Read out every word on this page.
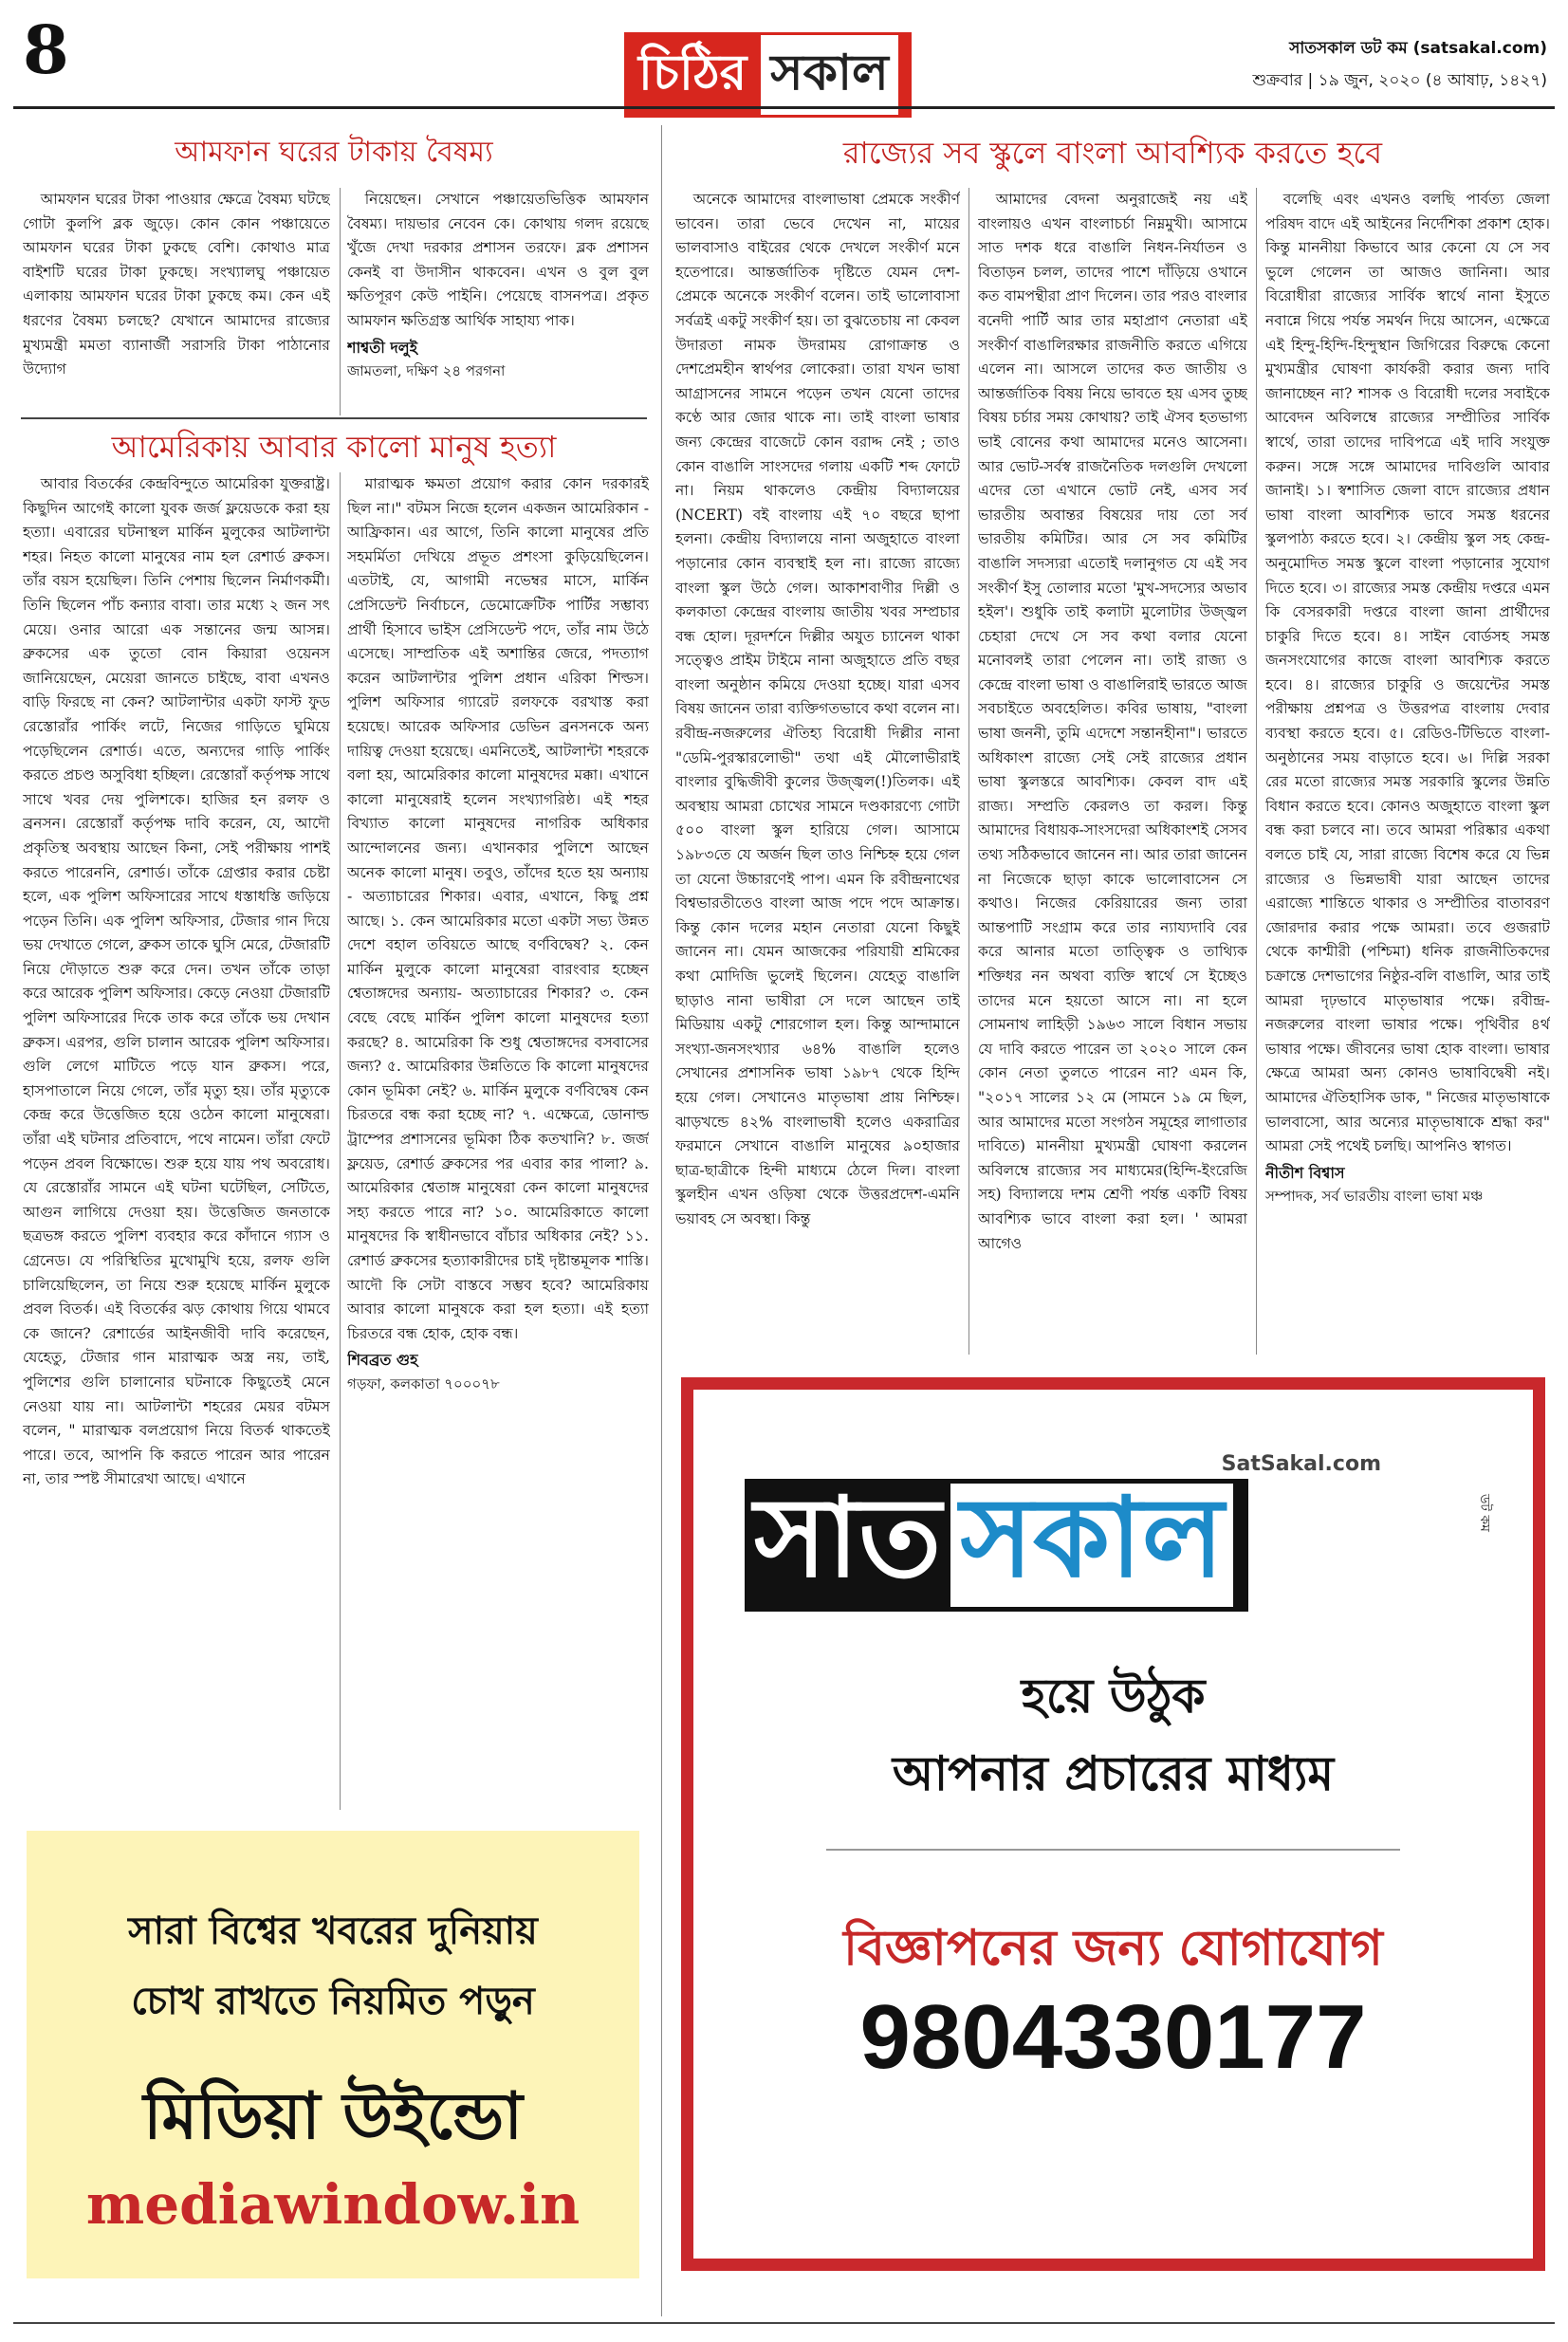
8	চিঠির সকাল	সাতসকাল ডট কম (satsakal.com)
শুক্রবার | ১৯ জুন, ২০২০ (৪ আষাঢ়, ১৪২৭)
আমফান ঘরের টাকায় বৈষম্য

আমফান ঘরের টাকা পাওয়ার ক্ষেত্রে বৈষম্য ঘটছে গোটা কুলপি ব্লক জুড়ে। কোন কোন পঞ্চায়েতে আমফান ঘরের টাকা ঢুকছে বেশি। কোথাও মাত্র বাইশটি ঘরের টাকা ঢুকছে। সংখ্যালঘু পঞ্চায়েত এলাকায় আমফান ঘরের টাকা ঢুকছে কম। কেন এই ধরণের বৈষম্য চলছে? যেখানে আমাদের রাজ্যের মুখ্যমন্ত্রী মমতা ব্যানার্জী সরাসরি টাকা পাঠানোর উদ্যোগ

নিয়েছেন। সেখানে পঞ্চায়েতভিত্তিক আমফান বৈষম্য। দায়ভার নেবেন কে। কোথায় গলদ রয়েছে খুঁজে দেখা দরকার প্রশাসন তরফে। ব্লক প্রশাসন কেনই বা উদাসীন থাকবেন। এখন ও বুল বুল ক্ষতিপূরণ কেউ পাইনি। পেয়েছে বাসনপত্র। প্রকৃত আমফান ক্ষতিগ্রস্ত আর্থিক সাহায্য পাক।

শাশ্বতী দলুই
জামতলা, দক্ষিণ ২৪ পরগনা
আমেরিকায় আবার কালো মানুষ হত্যা

আবার বিতর্কের কেন্দ্রবিন্দুতে আমেরিকা যুক্তরাষ্ট্র। কিছুদিন আগেই কালো যুবক জর্জ ফ্লয়েডকে করা হয় হত্যা। এবারের ঘটনাস্থল মার্কিন মুলুকের আটলান্টা শহর। নিহত কালো মানুষের নাম হল রেশার্ড ব্রুকস। তাঁর বয়স হয়েছিল। তিনি পেশায় ছিলেন নির্মাণকর্মী। তিনি ছিলেন পাঁচ কন্যার বাবা। তার মধ্যে ২ জন সৎ মেয়ে। ওনার আরো এক সন্তানের জন্ম আসন্ন। ব্রুকসের এক তুতো বোন কিয়ারা ওয়েনস জানিয়েছেন, মেয়েরা জানতে চাইছে, বাবা এখনও বাড়ি ফিরছে না কেন? আটলান্টার একটা ফাস্ট ফুড রেস্তোরাঁর পার্কিং লটে, নিজের গাড়িতে ঘুমিয়ে পড়েছিলেন রেশার্ড। এতে, অন্যদের গাড়ি পার্কিং করতে প্রচণ্ড অসুবিধা হচ্ছিল। রেস্তোরাঁ কর্তৃপক্ষ সাথে সাথে খবর দেয় পুলিশকে। হাজির হন রলফ ও ব্রনসন। রেস্তোরাঁ কর্তৃপক্ষ দাবি করেন, যে, আদৌ প্রকৃতিস্থ অবস্থায় আছেন কিনা, সেই পরীক্ষায় পাশই করতে পারেননি, রেশার্ড। তাঁকে গ্রেপ্তার করার চেষ্টা হলে, এক পুলিশ অফিসারের সাথে ধস্তাধস্তি জড়িয়ে পড়েন তিনি। এক পুলিশ অফিসার, টেজার গান দিয়ে ভয় দেখাতে গেলে, ব্রুকস তাকে ঘুসি মেরে, টেজারটি নিয়ে দৌড়াতে শুরু করে দেন। তখন তাঁকে তাড়া করে আরেক পুলিশ অফিসার। কেড়ে নেওয়া টেজারটি পুলিশ অফিসারের দিকে তাক করে তাঁকে ভয় দেখান ব্রুকস। এরপর, গুলি চালান আরেক পুলিশ অফিসার। গুলি লেগে মাটিতে পড়ে যান ব্রুকস। পরে, হাসপাতালে নিয়ে গেলে, তাঁর মৃত্যু হয়। তাঁর মৃত্যুকে কেন্দ্র করে উত্তেজিত হয়ে ওঠেন কালো মানুষেরা। তাঁরা এই ঘটনার প্রতিবাদে, পথে নামেন। তাঁরা ফেটে পড়েন প্রবল বিক্ষোভে। শুরু হয়ে যায় পথ অবরোধ। যে রেস্তোরাঁর সামনে এই ঘটনা ঘটেছিল, সেটিতে, আগুন লাগিয়ে দেওয়া হয়। উত্তেজিত জনতাকে ছত্রভঙ্গ করতে পুলিশ ব্যবহার করে কাঁদানে গ্যাস ও গ্রেনেড। যে পরিস্থিতির মুখোমুখি হয়ে, রলফ গুলি চালিয়েছিলেন, তা নিয়ে শুরু হয়েছে মার্কিন মুলুকে প্রবল বিতর্ক। এই বিতর্কের ঝড় কোথায় গিয়ে থামবে কে জানে? রেশার্ডের আইনজীবী দাবি করেছেন, যেহেতু, টেজার গান মারাত্মক অস্ত্র নয়, তাই, পুলিশের গুলি চালানোর ঘটনাকে কিছুতেই মেনে নেওয়া যায় না। আটলান্টা শহরের মেয়র বটমস বলেন, " মারাত্মক বলপ্রয়োগ নিয়ে বিতর্ক থাকতেই পারে। তবে, আপনি কি করতে পারেন আর পারেন না, তার স্পষ্ট সীমারেখা আছে। এখানে

মারাত্মক ক্ষমতা প্রয়োগ করার কোন দরকারই ছিল না।" বটমস নিজে হলেন একজন আমেরিকান - আফ্রিকান। এর আগে, তিনি কালো মানুষের প্রতি সহমর্মিতা দেখিয়ে প্রভূত প্রশংসা কুড়িয়েছিলেন। এতটাই, যে, আগামী নভেম্বর মাসে, মার্কিন প্রেসিডেন্ট নির্বাচনে, ডেমোক্রেটিক পার্টির সম্ভাব্য প্রার্থী হিসাবে ভাইস প্রেসিডেন্ট পদে, তাঁর নাম উঠে এসেছে। সাম্প্রতিক এই অশান্তির জেরে, পদত্যাগ করেন আটলান্টার পুলিশ প্রধান এরিকা শিল্ডস। পুলিশ অফিসার গ্যারেট রলফকে বরখাস্ত করা হয়েছে। আরেক অফিসার ডেভিন ব্রনসনকে অন্য দায়িত্ব দেওয়া হয়েছে। এমনিতেই, আটলান্টা শহরকে বলা হয়, আমেরিকার কালো মানুষদের মক্কা। এখানে কালো মানুষেরাই হলেন সংখ্যাগরিষ্ঠ। এই শহর বিখ্যাত কালো মানুষদের নাগরিক অধিকার আন্দোলনের জন্য। এখানকার পুলিশে আছেন অনেক কালো মানুষ। তবুও, তাঁদের হতে হয় অন্যায় - অত্যাচারের শিকার। এবার, এখানে, কিছু প্রশ্ন আছে। ১. কেন আমেরিকার মতো একটা সভ্য উন্নত দেশে বহাল তবিয়তে আছে বর্ণবিদ্বেষ? ২. কেন মার্কিন মুলুকে কালো মানুষেরা বারংবার হচ্ছেন শ্বেতাঙ্গদের অন্যায়- অত্যাচারের শিকার? ৩. কেন বেছে বেছে মার্কিন পুলিশ কালো মানুষদের হত্যা করছে? ৪. আমেরিকা কি শুধু শ্বেতাঙ্গদের বসবাসের জন্য? ৫. আমেরিকার উন্নতিতে কি কালো মানুষদের কোন ভূমিকা নেই? ৬. মার্কিন মুলুকে বর্ণবিদ্বেষ কেন চিরতরে বন্ধ করা হচ্ছে না? ৭. এক্ষেত্রে, ডোনাল্ড ট্রাম্পের প্রশাসনের ভূমিকা ঠিক কতখানি? ৮. জর্জ ফ্লয়েড, রেশার্ড ব্রুকসের পর এবার কার পালা? ৯. আমেরিকার শ্বেতাঙ্গ মানুষেরা কেন কালো মানুষদের সহ্য করতে পারে না? ১০. আমেরিকাতে কালো মানুষদের কি স্বাধীনভাবে বাঁচার অধিকার নেই? ১১. রেশার্ড ব্রুকসের হত্যাকারীদের চাই দৃষ্টান্তমূলক শাস্তি। আদৌ কি সেটা বাস্তবে সম্ভব হবে? আমেরিকায় আবার কালো মানুষকে করা হল হত্যা। এই হত্যা চিরতরে বন্ধ হোক, হোক বন্ধ।

শিবব্রত গুহ
গড়ফা, কলকাতা ৭০০০৭৮
রাজ্যের সব স্কুলে বাংলা আবশ্যিক করতে হবে

অনেকে আমাদের বাংলাভাষা প্রেমকে সংকীর্ণ ভাবেন। তারা ভেবে দেখেন না, মায়ের ভালবাসাও বাইরের থেকে দেখলে সংকীর্ণ মনে হতেপারে। আন্তর্জাতিক দৃষ্টিতে যেমন দেশ-প্রেমকে অনেকে সংকীর্ণ বলেন। তাই ভালোবাসা সর্বত্রই একটু সংকীর্ণ হয়। তা বুঝতেচায় না কেবল উদারতা নামক উদরাময় রোগাক্রান্ত ও দেশপ্রেমহীন স্বার্থপর লোকেরা। তারা যখন ভাষা আগ্রাসনের সামনে পড়েন তখন যেনো তাদের কণ্ঠে আর জোর থাকে না। তাই বাংলা ভাষার জন্য কেন্দ্রের বাজেটে কোন বরাদ্দ নেই ; তাও কোন বাঙালি সাংসদের গলায় একটি শব্দ ফোটে না। নিয়ম থাকলেও কেন্দ্রীয় বিদ্যালয়ের (NCERT) বই বাংলায় এই ৭০ বছরে ছাপা হলনা। কেন্দ্রীয় বিদ্যালয়ে নানা অজুহাতে বাংলা পড়ানোর কোন ব্যবস্থাই হল না। রাজ্যে রাজ্যে বাংলা স্কুল উঠে গেল। আকাশবাণীর দিল্লী ও কলকাতা কেন্দ্রের বাংলায় জাতীয় খবর সম্প্রচার বন্ধ হোল। দূরদর্শনে দিল্লীর অযুত চ্যানেল থাকা সত্ত্বেও প্রাইম টাইমে নানা অজুহাতে প্রতি বছর বাংলা অনুষ্ঠান কমিয়ে দেওয়া হচ্ছে। যারা এসব বিষয় জানেন তারা ব্যক্তিগতভাবে কথা বলেন না। রবীন্দ্র-নজরুলের ঐতিহ্য বিরোধী দিল্লীর নানা "ডেমি-পুরস্কারলোভী" তথা এই মৌলোভীরাই বাংলার বুদ্ধিজীবী কুলের উজ্জ্বল(!)তিলক। এই অবস্থায় আমরা চোখের সামনে দণ্ডকারণ্যে গোটা ৫০০ বাংলা স্কুল হারিয়ে গেল। আসামে ১৯৮৩তে যে অর্জন ছিল তাও নিশ্চিহ্ন হয়ে গেল তা যেনো উচ্চারণেই পাপ। এমন কি রবীন্দ্রনাথের বিশ্বভারতীতেও বাংলা আজ পদে পদে আক্রান্ত। কিন্তু কোন দলের মহান নেতারা যেনো কিছুই জানেন না। যেমন আজকের পরিযায়ী শ্রমিকের কথা মোদিজি ভুলেই ছিলেন। যেহেতু বাঙালি ছাড়াও নানা ভাষীরা সে দলে আছেন তাই মিডিয়ায় একটু শোরগোল হল। কিন্তু আন্দামানে সংখ্যা-জনসংখ্যার ৬৪% বাঙালি হলেও সেখানের প্রশাসনিক ভাষা ১৯৮৭ থেকে হিন্দি হয়ে গেল। সেখানেও মাতৃভাষা প্রায় নিশ্চিহ্ন। ঝাড়খন্ডে ৪২% বাংলাভাষী হলেও একরাত্রির ফরমানে সেখানে বাঙালি মানুষের ৯০হাজার ছাত্র-ছাত্রীকে হিন্দী মাধ্যমে ঠেলে দিল। বাংলা স্কুলহীন এখন ওড়িষা থেকে উত্তরপ্রদেশ-এমনি ভয়াবহ সে অবস্থা। কিন্তু

আমাদের বেদনা অনুরাজেই নয় এই বাংলায়ও এখন বাংলাচর্চা নিম্নমুখী। আসামে সাত দশক ধরে বাঙালি নিধন-নির্যাতন ও বিতাড়ন চলল, তাদের পাশে দাঁড়িয়ে ওখানে কত বামপন্থীরা প্রাণ দিলেন। তার পরও বাংলার বনেদী পার্টি আর তার মহাপ্রাণ নেতারা এই সংকীর্ণ বাঙালিরক্ষার রাজনীতি করতে এগিয়ে এলেন না। আসলে তাদের কত জাতীয় ও আন্তর্জাতিক বিষয় নিয়ে ভাবতে হয় এসব তুচ্ছ বিষয় চর্চার সময় কোথায়? তাই ঐসব হতভাগ্য ভাই বোনের কথা আমাদের মনেও আসেনা। আর ভোট-সর্বস্ব রাজনৈতিক দলগুলি দেখলো এদের তো এখানে ভোট নেই, এসব সর্ব ভারতীয় অবান্তর বিষয়ের দায় তো সর্ব ভারতীয় কমিটির। আর সে সব কমিটির বাঙালি সদস্যরা এতোই দলানুগত যে এই সব সংকীর্ণ ইসু তোলার মতো 'মুখ-সদস্যের অভাব হইল'। শুধুকি তাই কলাটা মুলোটার উজ্জ্বল চেহারা দেখে সে সব কথা বলার যেনো মনোবলই তারা পেলেন না। তাই রাজ্য ও কেন্দ্রে বাংলা ভাষা ও বাঙালিরাই ভারতে আজ সবচাইতে অবহেলিত। কবির ভাষায়, "বাংলা ভাষা জননী, তুমি এদেশে সন্তানহীনা"। ভারতে অধিকাংশ রাজ্যে সেই সেই রাজ্যের প্রধান ভাষা স্কুলস্তরে আবশ্যিক। কেবল বাদ এই রাজ্য। সম্প্রতি কেরলও তা করল। কিন্তু আমাদের বিধায়ক-সাংসদেরা অধিকাংশই সেসব তথ্য সঠিকভাবে জানেন না। আর তারা জানেন না নিজেকে ছাড়া কাকে ভালোবাসেন সে কথাও। নিজের কেরিয়ারের জন্য তারা আন্তপাটি সংগ্রাম করে তার ন্যায্যদাবি বের করে আনার মতো তাত্ত্বিক ও তাথ্যিক শক্তিধর নন অথবা ব্যক্তি স্বার্থে সে ইচ্ছেও তাদের মনে হয়তো আসে না। না হলে সোমনাথ লাহিড়ী ১৯৬৩ সালে বিধান সভায় যে দাবি করতে পারেন তা ২০২০ সালে কেন কোন নেতা তুলতে পারেন না? এমন কি, "২০১৭ সালের ১২ মে (সামনে ১৯ মে ছিল, আর আমাদের মতো সংগঠন সমূহের লাগাতার দাবিতে) মাননীয়া মুখ্যমন্ত্রী ঘোষণা করলেন অবিলম্বে রাজ্যের সব মাধ্যমের(হিন্দি-ইংরেজি সহ) বিদ্যালয়ে দশম শ্রেণী পর্যন্ত একটি বিষয় আবশ্যিক ভাবে বাংলা করা হল। ' আমরা আগেও

বলেছি এবং এখনও বলছি পার্বত্য জেলা পরিষদ বাদে এই আইনের নির্দেশিকা প্রকাশ হোক। কিন্তু মাননীয়া কিভাবে আর কেনো যে সে সব ভুলে গেলেন তা আজও জানিনা। আর বিরোধীরা রাজ্যের সার্বিক স্বার্থে নানা ইসুতে নবান্নে গিয়ে পর্যন্ত সমর্থন দিয়ে আসেন, এক্ষেত্রে এই হিন্দু-হিন্দি-হিন্দুস্থান জিগিরের বিরুদ্ধে কেনো মুখ্যমন্ত্রীর ঘোষণা কার্যকরী করার জন্য দাবি জানাচ্ছেন না? শাসক ও বিরোধী দলের সবাইকে আবেদন অবিলম্বে রাজ্যের সম্প্রীতির সার্বিক স্বার্থে, তারা তাদের দাবিপত্রে এই দাবি সংযুক্ত করুন। সঙ্গে সঙ্গে আমাদের দাবিগুলি আবার জানাই। ১। স্বশাসিত জেলা বাদে রাজ্যের প্রধান ভাষা বাংলা আবশ্যিক ভাবে সমস্ত ধরনের স্কুলপাঠ্য করতে হবে। ২। কেন্দ্রীয় স্কুল সহ কেন্দ্র-অনুমোদিত সমস্ত স্কুলে বাংলা পড়ানোর সুযোগ দিতে হবে। ৩। রাজ্যের সমস্ত কেন্দ্রীয় দপ্তরে এমন কি বেসরকারী দপ্তরে বাংলা জানা প্রার্থীদের চাকুরি দিতে হবে। ৪। সাইন বোর্ডসহ সমস্ত জনসংযোগের কাজে বাংলা আবশ্যিক করতে হবে। ৪। রাজ্যের চাকুরি ও জয়েন্টের সমস্ত পরীক্ষায় প্রশ্নপত্র ও উত্তরপত্র বাংলায় দেবার ব্যবস্থা করতে হবে। ৫। রেডিও-টিভিতে বাংলা-অনুষ্ঠানের সময় বাড়াতে হবে। ৬। দিল্লি সরকা রের মতো রাজ্যের সমস্ত সরকারি স্কুলের উন্নতি বিধান করতে হবে। কোনও অজুহাতে বাংলা স্কুল বন্ধ করা চলবে না। তবে আমরা পরিষ্কার একথা বলতে চাই যে, সারা রাজ্যে বিশেষ করে যে ভিন্ন রাজ্যের ও ভিন্নভাষী যারা আছেন তাদের এরাজ্যে শান্তিতে থাকার ও সম্প্রীতির বাতাবরণ জোরদার করার পক্ষে আমরা। তবে গুজরাট থেকে কাশ্মীরী (পশ্চিমা) ধনিক রাজনীতিকদের চক্রান্তে দেশভাগের নিষ্ঠুর-বলি বাঙালি, আর তাই আমরা দৃঢ়ভাবে মাতৃভাষার পক্ষে। রবীন্দ্র-নজরুলের বাংলা ভাষার পক্ষে। পৃথিবীর ৪র্থ ভাষার পক্ষে। জীবনের ভাষা হোক বাংলা। ভাষার ক্ষেত্রে আমরা অন্য কোনও ভাষাবিদ্বেষী নই। আমাদের ঐতিহাসিক ডাক, " নিজের মাতৃভাষাকে ভালবাসো, আর অন্যের মাতৃভাষাকে শ্রদ্ধা কর" আমরা সেই পথেই চলছি। আপনিও স্বাগত।

নীতীশ বিশ্বাস
সম্পাদক, সর্ব ভারতীয় বাংলা ভাষা মঞ্চ
সারা বিশ্বের খবরের দুনিয়ায়
চোখ রাখতে নিয়মিত পড়ুন
মিডিয়া উইন্ডো
mediawindow.in
SatSakal.com
সাত সকাল	ডট কম
হয়ে উঠুক
আপনার প্রচারের মাধ্যম
বিজ্ঞাপনের জন্য যোগাযোগ
9804330177
